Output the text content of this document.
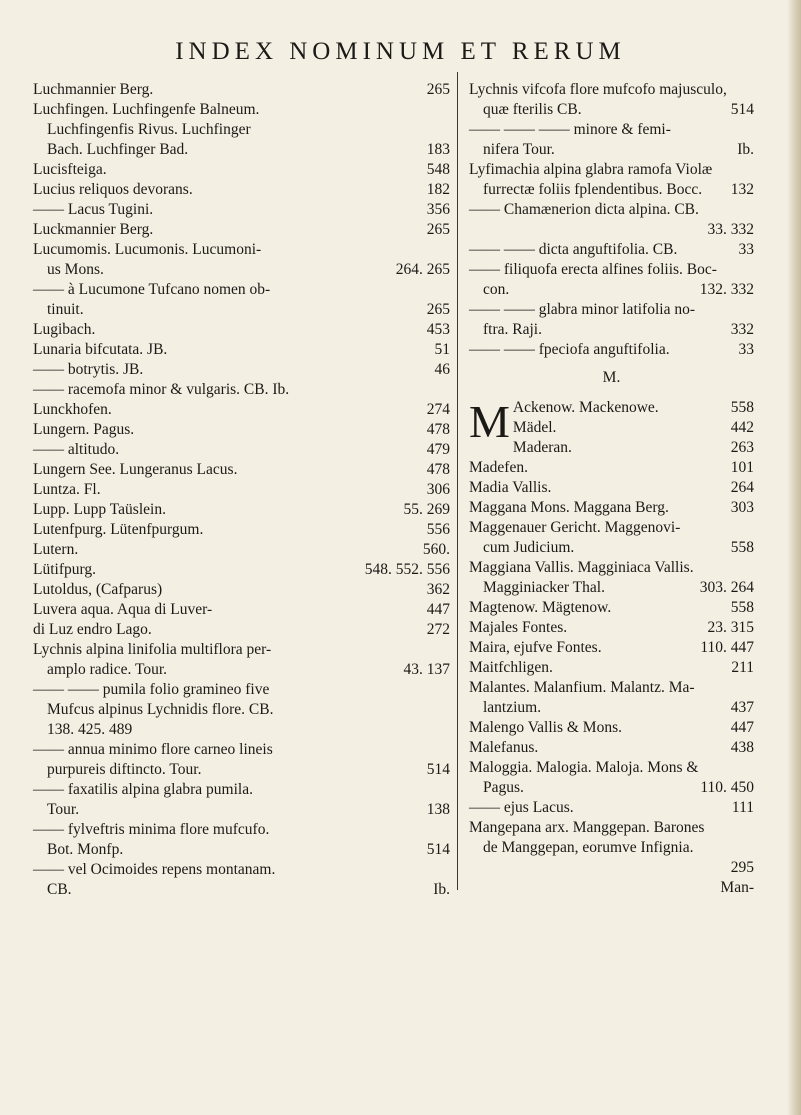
INDEX NOMINUM ET RERUM

Luchmannier Berg.	265

Luchfingen. Luchfingenfe Balneum.

Luchfingenfis Rivus. Luchfinger

Bach. Luchfinger Bad.	183

Lucisfteiga.	548

Lucius reliquos devorans.	182

—— Lacus Tugini.	356

Luckmannier Berg.	265

Lucumomis. Lucumonis. Lucumoni-

us Mons.	264. 265

—— à Lucumone Tufcano nomen ob-

tinuit.	265

Lugibach.	453

Lunaria bifcutata. JB.	51

—— botrytis. JB.	46

—— racemofa minor & vulgaris. CB. Ib.

Lunckhofen.	274

Lungern. Pagus.	478

—— altitudo.	479

Lungern See. Lungeranus Lacus.	478

Luntza. Fl.	306

Lupp. Lupp Taüslein.	55. 269

Lutenfpurg. Lütenfpurgum.	556

Lutern.	560.

Lütifpurg.	548. 552. 556

Lutoldus, (Cafparus)	362

Luvera aqua. Aqua di Luver-	447

di Luz endro Lago.	272

Lychnis alpina linifolia multiflora per-

amplo radice. Tour.	43. 137

—— —— pumila folio gramineo five

Mufcus alpinus Lychnidis flore. CB.

138. 425. 489

—— annua minimo flore carneo lineis

purpureis diftincto. Tour.	514

—— faxatilis alpina glabra pumila.

Tour.	138

—— fylveftris minima flore mufcufo.

Bot. Monfp.	514

—— vel Ocimoides repens montanam.

CB.	Ib.

Lychnis vifcofa flore mufcofo majusculo,

quæ fterilis CB.	514

—— —— —— minore & femi-

nifera Tour.	Ib.

Lyfimachia alpina glabra ramofa Violæ

furrectæ foliis fplendentibus. Bocc. 132

—— Chamænerion dicta alpina. CB.

33. 332

—— —— dicta anguftifolia. CB.	33

—— filiquofa erecta alfines foliis. Boc-

con.	132. 332

—— —— glabra minor latifolia no-

ftra. Raji.	332

—— —— fpeciofa anguftifolia.	33

M.

M Ackenow. Mackenowe.	558

Mädel.	442

Maderan.	263

Madefen.	101

Madia Vallis.	264

Maggana Mons. Maggana Berg.	303

Maggenauer Gericht. Maggenovi-

cum Judicium.	558

Maggiana Vallis. Magginiaca Vallis.

Magginiacker Thal.	303. 264

Magtenow. Mägtenow.	558

Majales Fontes.	23. 315

Maira, ejufve Fontes.	110. 447

Maitfchligen.	211

Malantes. Malanfium. Malantz. Ma-

lantzium.	437

Malengo Vallis & Mons.	447

Malefanus.	438

Maloggia. Malogia. Maloja. Mons &

Pagus.	110. 450

—— ejus Lacus.	111

Mangepana arx. Manggepan. Barones

de Manggepan, eorumve Infignia.

295

Man-
